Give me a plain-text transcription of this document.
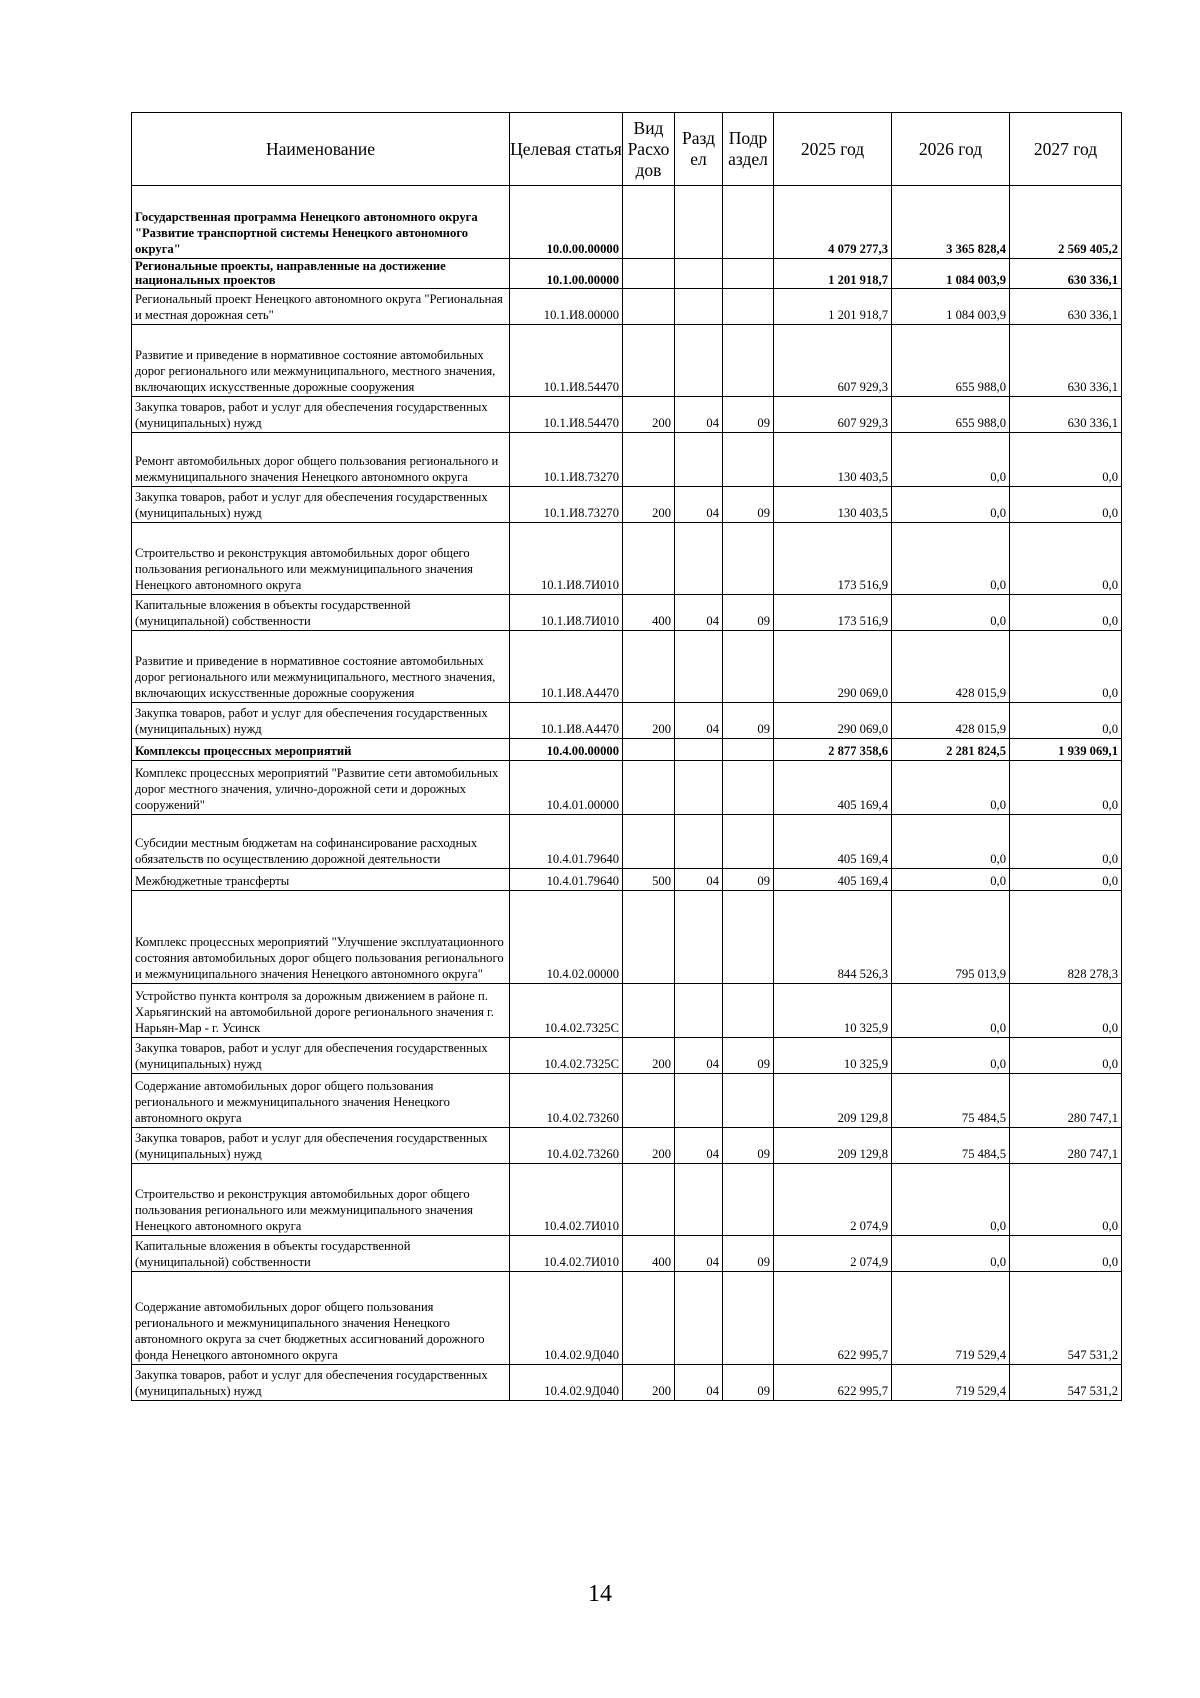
Наименование	Целевая статья	Вид Расхо дов	Разд ел	Подр аздел	2025 год	2026 год	2027 год
Государственная программа Ненецкого автономного округа "Развитие транспортной системы Ненецкого автономного округа"	10.0.00.00000				4 079 277,3	3 365 828,4	2 569 405,2
Региональные проекты, направленные на достижение национальных проектов	10.1.00.00000				1 201 918,7	1 084 003,9	630 336,1
Региональный проект Ненецкого автономного округа "Региональная и местная дорожная сеть"	10.1.И8.00000				1 201 918,7	1 084 003,9	630 336,1
Развитие и приведение в нормативное состояние автомобильных дорог регионального или межмуниципального, местного значения, включающих искусственные дорожные сооружения	10.1.И8.54470				607 929,3	655 988,0	630 336,1
Закупка товаров, работ и услуг для обеспечения государственных (муниципальных) нужд	10.1.И8.54470	200	04	09	607 929,3	655 988,0	630 336,1
Ремонт автомобильных дорог общего пользования регионального и межмуниципального значения Ненецкого автономного округа	10.1.И8.73270				130 403,5	0,0	0,0
Закупка товаров, работ и услуг для обеспечения государственных (муниципальных) нужд	10.1.И8.73270	200	04	09	130 403,5	0,0	0,0
Строительство и реконструкция автомобильных дорог общего пользования регионального или межмуниципального значения Ненецкого автономного округа	10.1.И8.7И010				173 516,9	0,0	0,0
Капитальные вложения в объекты государственной (муниципальной) собственности	10.1.И8.7И010	400	04	09	173 516,9	0,0	0,0
Развитие и приведение в нормативное состояние автомобильных дорог регионального или межмуниципального, местного значения, включающих искусственные дорожные сооружения	10.1.И8.А4470				290 069,0	428 015,9	0,0
Закупка товаров, работ и услуг для обеспечения государственных (муниципальных) нужд	10.1.И8.А4470	200	04	09	290 069,0	428 015,9	0,0
Комплексы процессных мероприятий	10.4.00.00000				2 877 358,6	2 281 824,5	1 939 069,1
Комплекс процессных мероприятий "Развитие сети автомобильных дорог местного значения, улично-дорожной сети и дорожных сооружений"	10.4.01.00000				405 169,4	0,0	0,0
Субсидии местным бюджетам на софинансирование расходных обязательств по осуществлению дорожной деятельности	10.4.01.79640				405 169,4	0,0	0,0
Межбюджетные трансферты	10.4.01.79640	500	04	09	405 169,4	0,0	0,0
Комплекс процессных мероприятий "Улучшение эксплуатационного состояния автомобильных дорог общего пользования регионального и межмуниципального значения Ненецкого автономного округа"	10.4.02.00000				844 526,3	795 013,9	828 278,3
Устройство пункта контроля за дорожным движением в районе п. Харьягинский на автомобильной дороге регионального значения г. Нарьян-Мар - г. Усинск	10.4.02.7325С				10 325,9	0,0	0,0
Закупка товаров, работ и услуг для обеспечения государственных (муниципальных) нужд	10.4.02.7325С	200	04	09	10 325,9	0,0	0,0
Содержание автомобильных дорог общего пользования регионального и межмуниципального значения Ненецкого автономного округа	10.4.02.73260				209 129,8	75 484,5	280 747,1
Закупка товаров, работ и услуг для обеспечения государственных (муниципальных) нужд	10.4.02.73260	200	04	09	209 129,8	75 484,5	280 747,1
Строительство и реконструкция автомобильных дорог общего пользования регионального или межмуниципального значения Ненецкого автономного округа	10.4.02.7И010				2 074,9	0,0	0,0
Капитальные вложения в объекты государственной (муниципальной) собственности	10.4.02.7И010	400	04	09	2 074,9	0,0	0,0
Содержание автомобильных дорог общего пользования регионального и межмуниципального значения Ненецкого автономного округа за счет бюджетных ассигнований дорожного фонда Ненецкого автономного округа	10.4.02.9Д040				622 995,7	719 529,4	547 531,2
Закупка товаров, работ и услуг для обеспечения государственных (муниципальных) нужд	10.4.02.9Д040	200	04	09	622 995,7	719 529,4	547 531,2
14
